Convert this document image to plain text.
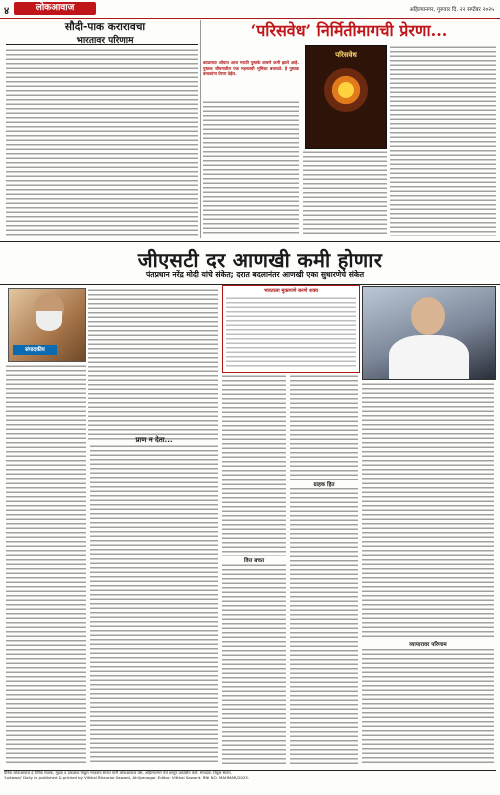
४	लोकआवाज	अहिल्यानगर, गुरुवार दि. २२ सप्टेंबर २०२५
सौदी-पाक करारावचा
भारतावर परिणाम
‘परिसवेध’ निर्मितीमागची प्रेरणा...
काळाच्या ओघात आज मराठी पुस्तके वाचणे कमी झाले आहे. पुस्तक जीवनातील एक महत्त्वाची भूमिका बजावते. हे पुस्तक वाचकांना प्रेरणा देईल.
परिसवेध
जीएसटी दर आणखी कमी होणार
पंतप्रधान नरेंद्र मोदी यांचे संकेत; दरात बदलानंतर आणखी एका सुधारणेचे संकेत
संपादकीय
भारताला मुक्तपणे बनणे शक्य
प्राण न देता...
वित्त बचत
ग्राहक हित
व्यापारावर परिणाम
दैनिक लोकआवाज हे दैनिक मालक, मुद्रक व प्रकाशक विठ्ठल भाऊराव सावंत यांनी लोकआवाज प्रेस, अहिल्यानगर येथे छापून प्रकाशित केले. संपादक: विठ्ठल सावंत.
'Lokawaj' Daily is published & printed by Vitthal Bhaurao Sawant, Ahilyanagar. Editor: Vitthal Sawant. RNI NO. MAHMAR/2025.
